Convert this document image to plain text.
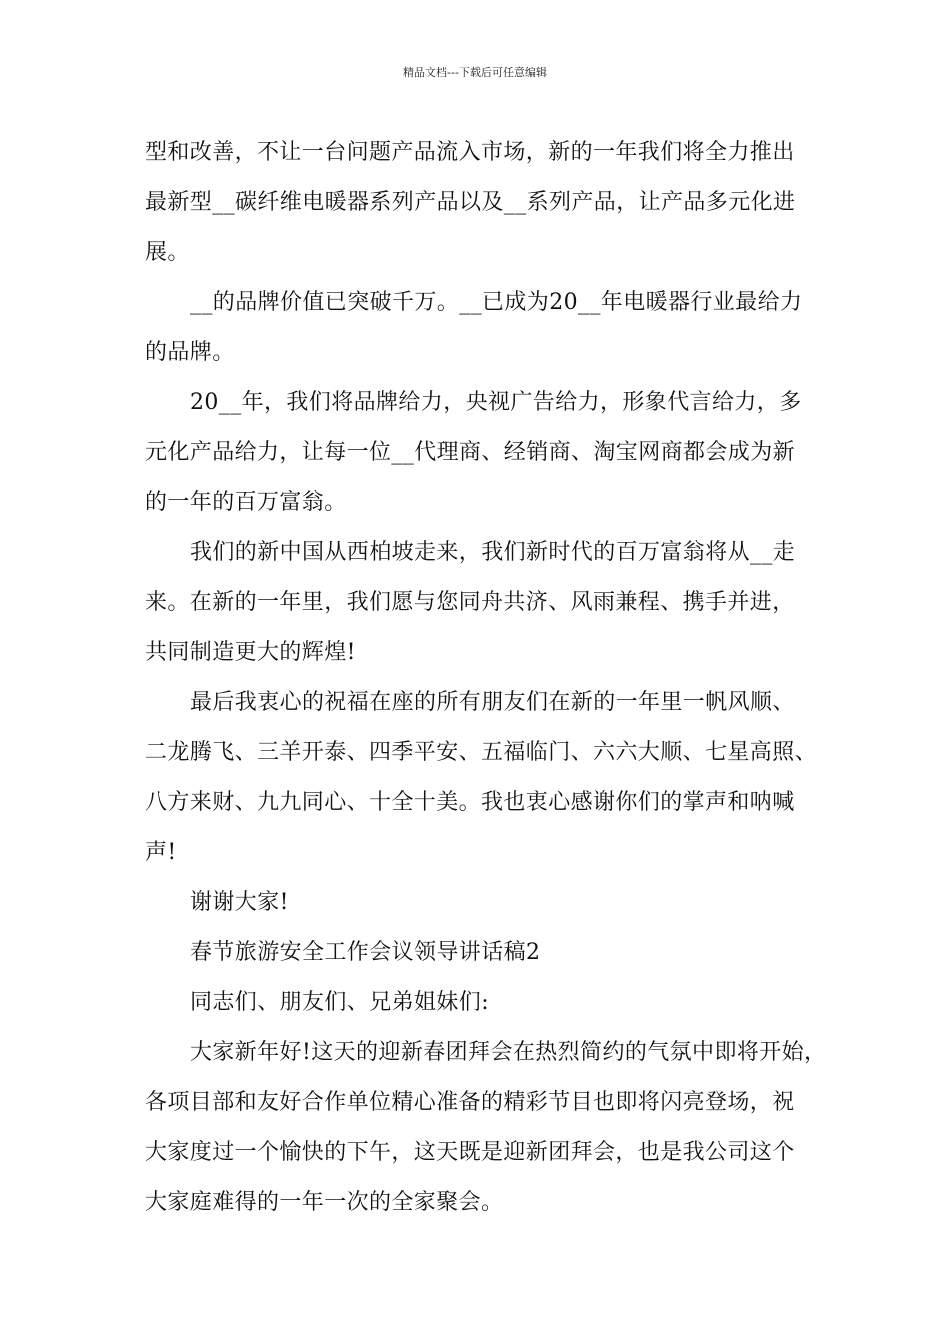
精品文档---下载后可任意编辑
型和改善，不让一台问题产品流入市场，新的一年我们将全力推出
最新型__碳纤维电暖器系列产品以及__系列产品，让产品多元化进
展。
__的品牌价值已突破千万。__已成为20__年电暖器行业最给力
的品牌。
20__年，我们将品牌给力，央视广告给力，形象代言给力，多
元化产品给力，让每一位__代理商、经销商、淘宝网商都会成为新
的一年的百万富翁。
我们的新中国从西柏坡走来，我们新时代的百万富翁将从__走
来。在新的一年里，我们愿与您同舟共济、风雨兼程、携手并进，
共同制造更大的辉煌!
最后我衷心的祝福在座的所有朋友们在新的一年里一帆风顺、
二龙腾飞、三羊开泰、四季平安、五福临门、六六大顺、七星高照、
八方来财、九九同心、十全十美。我也衷心感谢你们的掌声和呐喊
声!
谢谢大家!
春节旅游安全工作会议领导讲话稿2
同志们、朋友们、兄弟姐妹们:
大家新年好!这天的迎新春团拜会在热烈简约的气氛中即将开始，
各项目部和友好合作单位精心准备的精彩节目也即将闪亮登场，祝
大家度过一个愉快的下午，这天既是迎新团拜会，也是我公司这个
大家庭难得的一年一次的全家聚会。
